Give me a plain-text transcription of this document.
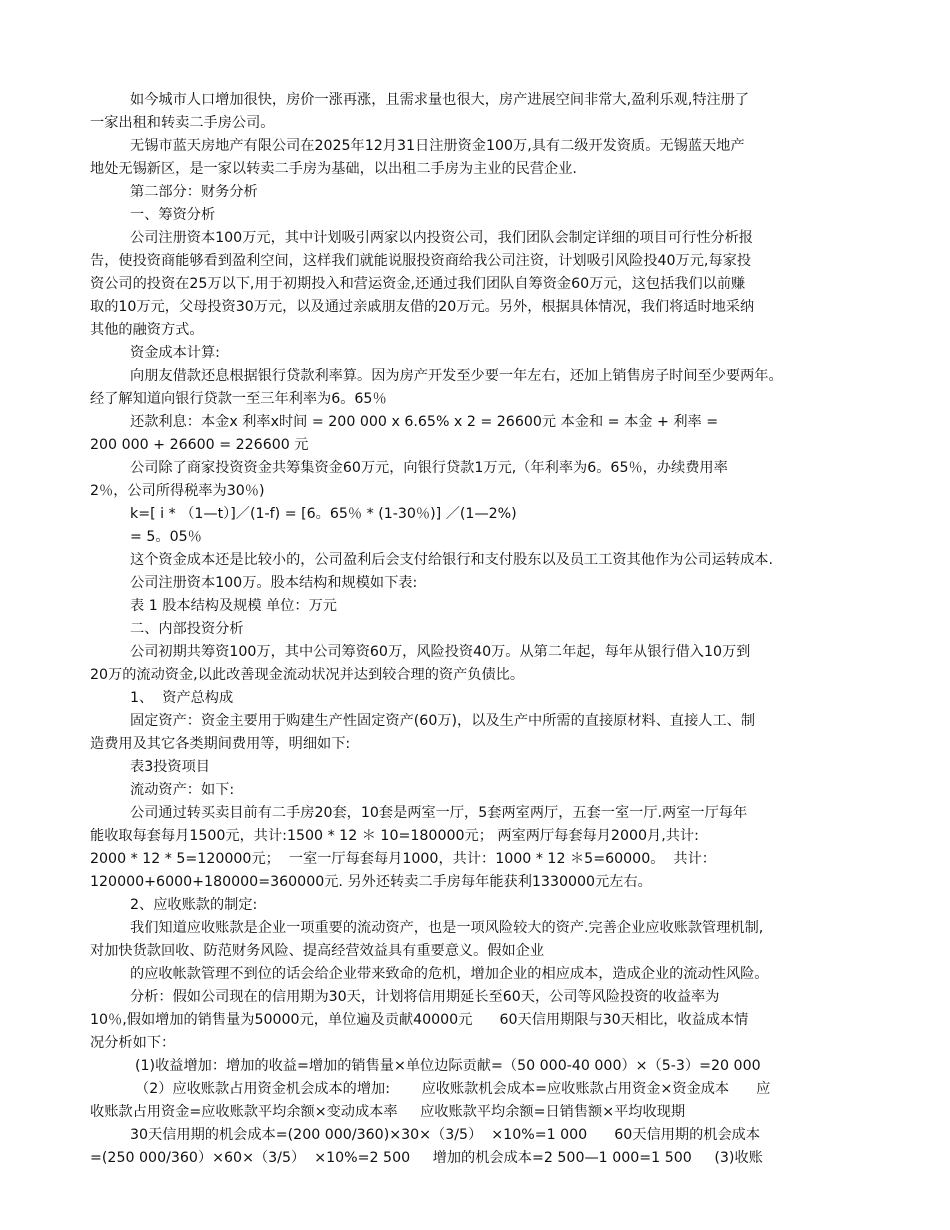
如今城市人口增加很快，房价一涨再涨，且需求量也很大，房产进展空间非常大,盈利乐观,特注册了
一家出租和转卖二手房公司。
无锡市蓝天房地产有限公司在2025年12月31日注册资金100万,具有二级开发资质。无锡蓝天地产
地处无锡新区，是一家以转卖二手房为基础，以出租二手房为主业的民营企业.
第二部分：财务分析
一、筹资分析
公司注册资本100万元，其中计划吸引两家以内投资公司，我们团队会制定详细的项目可行性分析报
告，使投资商能够看到盈利空间，这样我们就能说服投资商给我公司注资，计划吸引风险投40万元,每家投
资公司的投资在25万以下,用于初期投入和营运资金,还通过我们团队自筹资金60万元，这包括我们以前赚
取的10万元，父母投资30万元，以及通过亲戚朋友借的20万元。另外，根据具体情况，我们将适时地采纳
其他的融资方式。
资金成本计算:
向朋友借款还息根据银行贷款利率算。因为房产开发至少要一年左右，还加上销售房子时间至少要两年。
经了解知道向银行贷款一至三年利率为6。65％
还款利息：本金x 利率x时间 = 200 000 x 6.65% x 2 = 26600元 本金和 = 本金 + 利率 =
200 000 + 26600 = 226600 元
公司除了商家投资资金共筹集资金60万元，向银行贷款1万元,（年利率为6。65％，办续费用率
2％，公司所得税率为30％)
k=[ i * （1—t）]／(1-f) = [6。65％ * (1-30％)] ／(1—2%)
= 5。05％
这个资金成本还是比较小的，公司盈利后会支付给银行和支付股东以及员工工资其他作为公司运转成本.
公司注册资本100万。股本结构和规模如下表:
表 1 股本结构及规模 单位：万元
二、内部投资分析
公司初期共筹资100万，其中公司筹资60万，风险投资40万。从第二年起，每年从银行借入10万到
20万的流动资金,以此改善现金流动状况并达到较合理的资产负债比。
1、  资产总构成
固定资产：资金主要用于购建生产性固定资产(60万)，以及生产中所需的直接原材料、直接人工、制
造费用及其它各类期间费用等，明细如下:
表3投资项目
流动资产：如下:
公司通过转买卖目前有二手房20套，10套是两室一厅，5套两室两厅，五套一室一厅.两室一厅每年
能收取每套每月1500元，共计:1500 * 12 ＊ 10=180000元； 两室两厅每套每月2000月,共计:
2000 * 12 * 5=120000元；  一室一厅每套每月1000，共计：1000 * 12 ＊5=60000。  共计：
120000+6000+180000=360000元. 另外还转卖二手房每年能获利1330000元左右。
2、应收账款的制定:
我们知道应收账款是企业一项重要的流动资产，也是一项风险较大的资产.完善企业应收账款管理机制,
对加快货款回收、防范财务风险、提高经营效益具有重要意义。假如企业
的应收帐款管理不到位的话会给企业带来致命的危机，增加企业的相应成本，造成企业的流动性风险。
分析：假如公司现在的信用期为30天，计划将信用期延长至60天，公司等风险投资的收益率为
10％,假如增加的销售量为50000元，单位遍及贡献40000元      60天信用期限与30天相比，收益成本情
况分析如下：
(1)收益增加：增加的收益=增加的销售量×单位边际贡献=（50 000-40 000）×（5-3）=20 000
（2）应收账款占用资金机会成本的增加:       应收账款机会成本=应收账款占用资金×资金成本      应
收账款占用资金=应收账款平均余额×变动成本率     应收账款平均余额=日销售额×平均收现期
30天信用期的机会成本=(200 000/360)×30×（3/5）  ×10%=1 000      60天信用期的机会成本
=(250 000/360）×60×（3/5）  ×10%=2 500     增加的机会成本=2 500—1 000=1 500     (3)收账
